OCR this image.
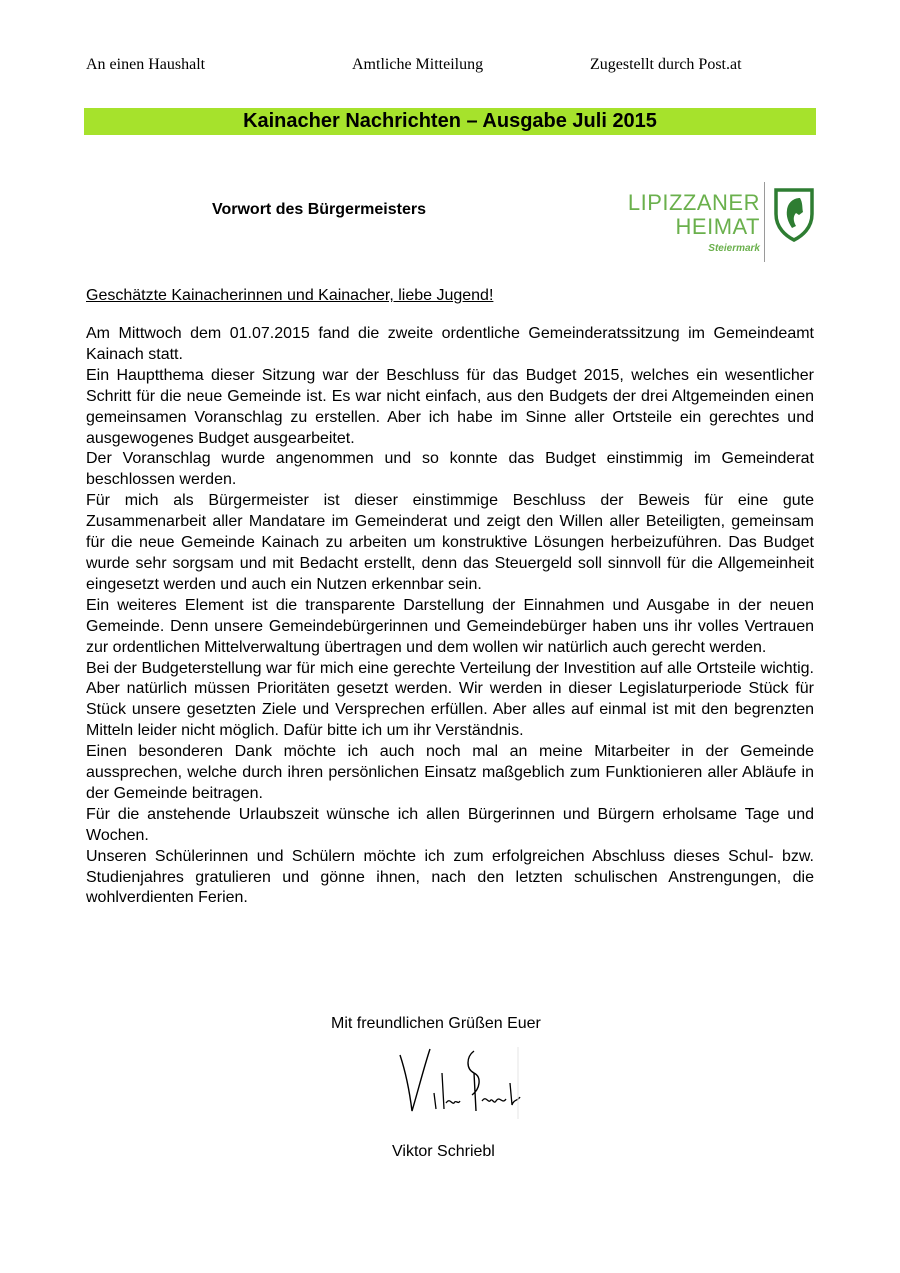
An einen Haushalt	Amtliche Mitteilung	Zugestellt durch Post.at
Kainacher Nachrichten – Ausgabe Juli 2015
Vorwort des Bürgermeisters	LIPIZZANER
HEIMAT
Steiermark
Geschätzte Kainacherinnen und Kainacher, liebe Jugend!

Am Mittwoch dem 01.07.2015 fand die zweite ordentliche Gemeinderatssitzung im Gemeindeamt Kainach statt.

Ein Hauptthema dieser Sitzung war der Beschluss für das Budget 2015, welches ein wesentlicher Schritt für die neue Gemeinde ist. Es war nicht einfach, aus den Budgets der drei Altgemeinden einen gemeinsamen Voranschlag zu erstellen. Aber ich habe im Sinne aller Ortsteile ein gerechtes und ausgewogenes Budget ausgearbeitet.

Der Voranschlag wurde angenommen und so konnte das Budget einstimmig im Gemeinderat beschlossen werden.

Für mich als Bürgermeister ist dieser einstimmige Beschluss der Beweis für eine gute Zusammenarbeit aller Mandatare im Gemeinderat und zeigt den Willen aller Beteiligten, gemeinsam für die neue Gemeinde Kainach zu arbeiten um konstruktive Lösungen herbeizuführen. Das Budget wurde sehr sorgsam und mit Bedacht erstellt, denn das Steuergeld soll sinnvoll für die Allgemeinheit eingesetzt werden und auch ein Nutzen erkennbar sein.

Ein weiteres Element ist die transparente Darstellung der Einnahmen und Ausgabe in der neuen Gemeinde. Denn unsere Gemeindebürgerinnen und Gemeindebürger haben uns ihr volles Vertrauen zur ordentlichen Mittelverwaltung übertragen und dem wollen wir natürlich auch gerecht werden.

Bei der Budgeterstellung war für mich eine gerechte Verteilung der Investition auf alle Ortsteile wichtig. Aber natürlich müssen Prioritäten gesetzt werden. Wir werden in dieser Legislaturperiode Stück für Stück unsere gesetzten Ziele und Versprechen erfüllen. Aber alles auf einmal ist mit den begrenzten Mitteln leider nicht möglich. Dafür bitte ich um ihr Verständnis.

Einen besonderen Dank möchte ich auch noch mal an meine Mitarbeiter in der Gemeinde aussprechen, welche durch ihren persönlichen Einsatz maßgeblich zum Funktionieren aller Abläufe in der Gemeinde beitragen.

Für die anstehende Urlaubszeit wünsche ich allen Bürgerinnen und Bürgern erholsame Tage und Wochen.

Unseren Schülerinnen und Schülern möchte ich zum erfolgreichen Abschluss dieses Schul- bzw. Studienjahres gratulieren und gönne ihnen, nach den letzten schulischen Anstrengungen, die wohlverdienten Ferien.

Mit freundlichen Grüßen Euer
Viktor Schriebl
